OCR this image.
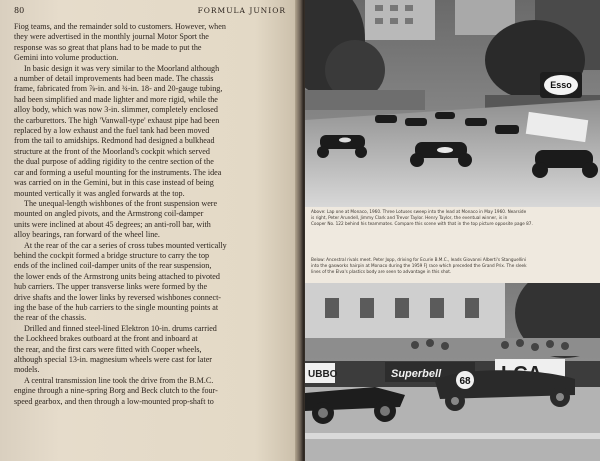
80	FORMULA JUNIOR
Fiog teams, and the remainder sold to customers. However, when
they were advertised in the monthly journal Motor Sport the
response was so great that plans had to be made to put the
Gemini into volume production.
In basic design it was very similar to the Moorland although
a number of detail improvements had been made. The chassis
frame, fabricated from ⅞-in. and ¾-in. 18- and 20-gauge tubing,
had been simplified and made lighter and more rigid, while the
alloy body, which was now 3-in. slimmer, completely enclosed
the carburettors. The high 'Vanwall-type' exhaust pipe had been
replaced by a low exhaust and the fuel tank had been moved
from the tail to amidships. Redmond had designed a bulkhead
structure at the front of the Moorland's cockpit which served
the dual purpose of adding rigidity to the centre section of the
car and forming a useful mounting for the instruments. The idea
was carried on in the Gemini, but in this case instead of being
mounted vertically it was angled forwards at the top.
The unequal-length wishbones of the front suspension were
mounted on angled pivots, and the Armstrong coil-damper
units were inclined at about 45 degrees; an anti-roll bar, with
alloy bearings, ran forward of the wheel line.
At the rear of the car a series of cross tubes mounted vertically
behind the cockpit formed a bridge structure to carry the top
ends of the inclined coil-damper units of the rear suspension,
the lower ends of the Armstrong units being attached to pivoted
hub carriers. The upper transverse links were formed by the
drive shafts and the lower links by reversed wishbones connect-
ing the base of the hub carriers to the single mounting points at
the rear of the chassis.
Drilled and finned steel-lined Elektron 10-in. drums carried
the Lockheed brakes outboard at the front and inboard at
the rear, and the first cars were fitted with Cooper wheels,
although special 13-in. magnesium wheels were cast for later
models.
A central transmission line took the drive from the B.M.C.
engine through a nine-spring Borg and Beck clutch to the four-
speed gearbox, and then through a low-mounted prop-shaft to
Esso
Above: Lap one at Monaco, 1960. Three Lotuses sweep into the lead at Monaco in May 1960. Nearside
is right, Peter Arundell, Jimmy Clark and Trevor Taylor. Henry Taylor, the eventual winner, is in
Cooper No. 122 behind his teammates. Compare this scene with that in the top picture opposite page 87.
Below: Ancestral rivals meet. Peter Jopp, driving for Ecurie B.M.C., leads Giovanni Alberti's Stanguellini
into the gasworks hairpin at Monaco during the 1959 FJ race which preceded the Grand Prix. The sleek
lines of the Elva's plastics body are seen to advantage in this shot.
UBBO	Superbell
68
